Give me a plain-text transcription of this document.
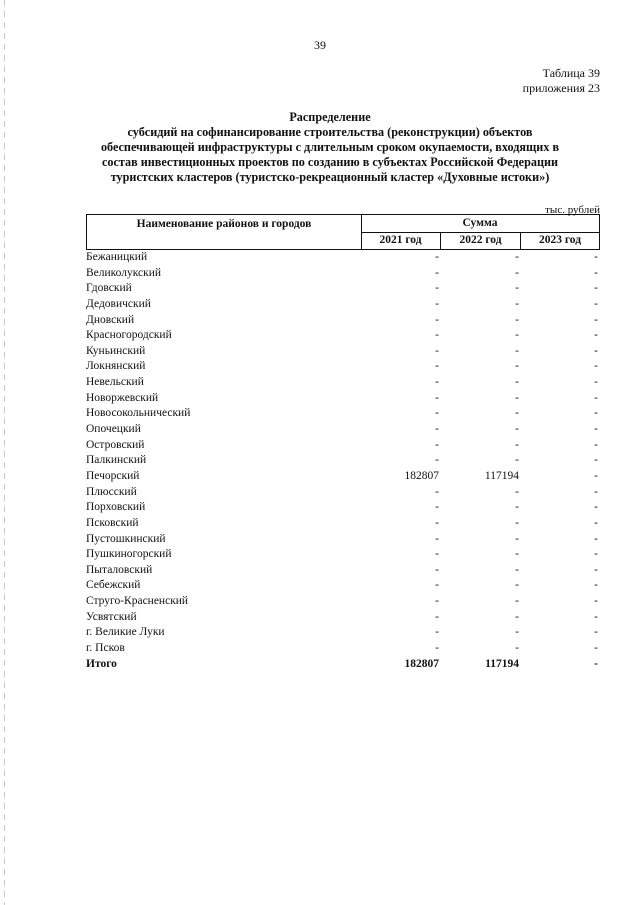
39
Таблица 39
приложения 23
Распределение
субсидий на софинансирование строительства (реконструкции) объектов
обеспечивающей инфраструктуры с длительным сроком окупаемости, входящих в
состав инвестиционных проектов по созданию в субъектах Российской Федерации
туристских кластеров (туристско-рекреационный кластер «Духовные истоки»)
тыс. рублей
Наименование районов и городов	Сумма
2021 год	2022 год	2023 год
Бежаницкий	-	-	-
Великолукский	-	-	-
Гдовский	-	-	-
Дедовичский	-	-	-
Дновский	-	-	-
Красногородский	-	-	-
Куньинский	-	-	-
Локнянский	-	-	-
Невельский	-	-	-
Новоржевский	-	-	-
Новосокольнический	-	-	-
Опочецкий	-	-	-
Островский	-	-	-
Палкинский	-	-	-
Печорский	182807	117194	-
Плюсский	-	-	-
Порховский	-	-	-
Псковский	-	-	-
Пустошкинский	-	-	-
Пушкиногорский	-	-	-
Пыталовский	-	-	-
Себежский	-	-	-
Струго-Красненский	-	-	-
Усвятский	-	-	-
г. Великие Луки	-	-	-
г. Псков	-	-	-
Итого	182807	117194	-
